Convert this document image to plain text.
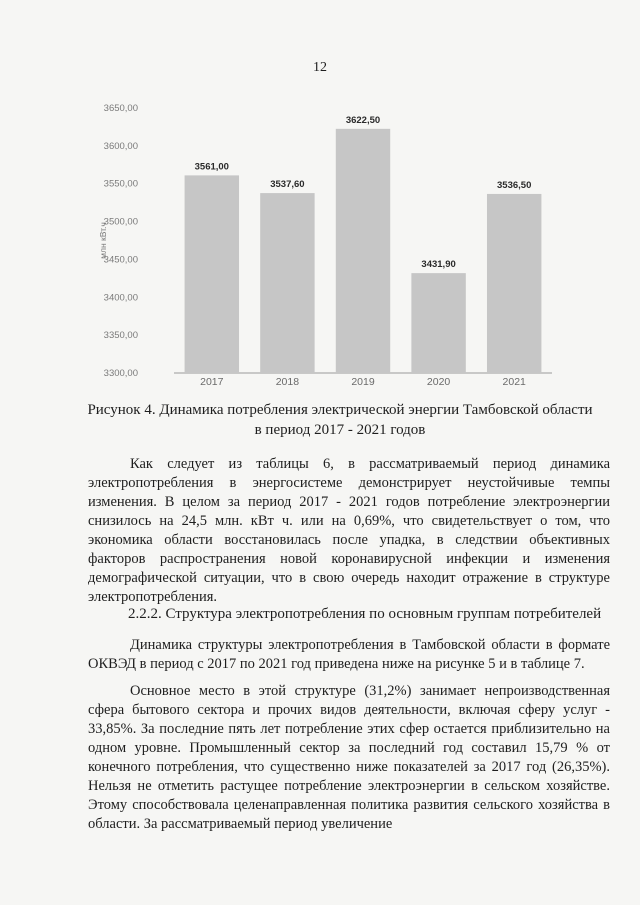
12
млн кВт.ч
3300,00
3350,00
3400,00
3450,00
3500,00
3550,00
3600,00
3650,00
3561,00
3537,60
3622,50
3431,90
3536,50
2017	2018	2019	2020	2021
Рисунок 4. Динамика потребления электрической энергии Тамбовской области
в период 2017 - 2021 годов

Как следует из таблицы 6, в рассматриваемый период динамика электропотребления в энергосистеме демонстрирует неустойчивые темпы изменения. В целом за период 2017 - 2021 годов потребление электроэнергии снизилось на 24,5 млн. кВт ч. или на 0,69%, что свидетельствует о том, что экономика области восстановилась после упадка, в следствии объективных факторов распространения новой коронавирусной инфекции и изменения демографической ситуации, что в свою очередь находит отражение в структуре электропотребления.

2.2.2. Структура электропотребления по основным группам потребителей

Динамика структуры электропотребления в Тамбовской области в формате ОКВЭД в период с 2017 по 2021 год приведена ниже на рисунке 5 и в таблице 7.

Основное место в этой структуре (31,2%) занимает непроизводственная сфера бытового сектора и прочих видов деятельности, включая сферу услуг - 33,85%. За последние пять лет потребление этих сфер остается приблизительно на одном уровне. Промышленный сектор за последний год составил 15,79 % от конечного потребления, что существенно ниже показателей за 2017 год (26,35%). Нельзя не отметить растущее потребление электроэнергии в сельском хозяйстве. Этому способствовала целенаправленная политика развития сельского хозяйства в области. За рассматриваемый период увеличение
